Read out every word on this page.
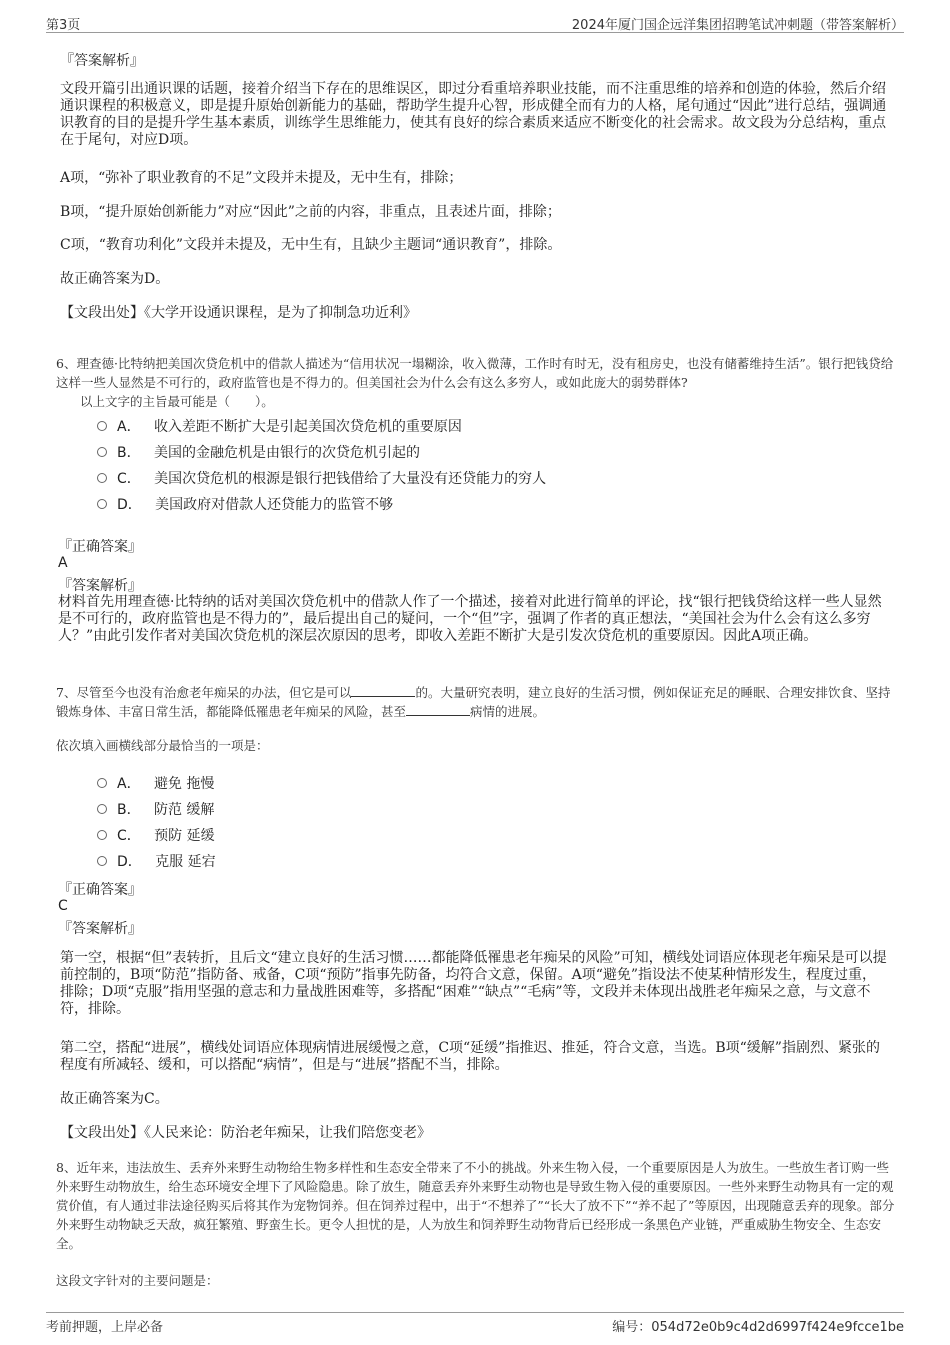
第3页	2024年厦门国企远洋集团招聘笔试冲刺题（带答案解析）
『答案解析』
文段开篇引出通识课的话题，接着介绍当下存在的思维误区，即过分看重培养职业技能，而不注重思维的培养和创造的体验，然后介绍通识课程的积极意义，即是提升原始创新能力的基础，帮助学生提升心智，形成健全而有力的人格，尾句通过“因此”进行总结，强调通识教育的目的是提升学生基本素质，训练学生思维能力，使其有良好的综合素质来适应不断变化的社会需求。故文段为分总结构，重点在于尾句，对应D项。
A项，“弥补了职业教育的不足”文段并未提及，无中生有，排除；
B项，“提升原始创新能力”对应“因此”之前的内容，非重点，且表述片面，排除；
C项，“教育功利化”文段并未提及，无中生有，且缺少主题词“通识教育”，排除。
故正确答案为D。
【文段出处】《大学开设通识课程，是为了抑制急功近利》
6、理查德·比特纳把美国次贷危机中的借款人描述为“信用状况一塌糊涂，收入微薄，工作时有时无，没有租房史，也没有储蓄维持生活”。银行把钱贷给这样一些人显然是不可行的，政府监管也是不得力的。但美国社会为什么会有这么多穷人，或如此庞大的弱势群体?
以上文字的主旨最可能是（　　）。
A． 收入差距不断扩大是引起美国次贷危机的重要原因
B． 美国的金融危机是由银行的次贷危机引起的
C． 美国次贷危机的根源是银行把钱借给了大量没有还贷能力的穷人
D． 美国政府对借款人还贷能力的监管不够
『正确答案』
A
『答案解析』
材料首先用理查德·比特纳的话对美国次贷危机中的借款人作了一个描述，接着对此进行简单的评论，找“银行把钱贷给这样一些人显然是不可行的，政府监管也是不得力的”，最后提出自己的疑问，一个“但”字，强调了作者的真正想法，“美国社会为什么会有这么多穷人？”由此引发作者对美国次贷危机的深层次原因的思考，即收入差距不断扩大是引发次贷危机的重要原因。因此A项正确。
7、尽管至今也没有治愈老年痴呆的办法，但它是可以	的。大量研究表明，建立良好的生活习惯，例如保证充足的睡眠、合理安排饮食、坚持锻炼身体、丰富日常生活，都能降低罹患老年痴呆的风险，甚至	病情的进展。
依次填入画横线部分最恰当的一项是：
A． 避免 拖慢
B． 防范 缓解
C． 预防 延缓
D． 克服 延宕
『正确答案』
C
『答案解析』
第一空，根据“但”表转折，且后文“建立良好的生活习惯……都能降低罹患老年痴呆的风险”可知，横线处词语应体现老年痴呆是可以提前控制的，B项“防范”指防备、戒备，C项“预防”指事先防备，均符合文意，保留。A项“避免”指设法不使某种情形发生，程度过重，排除；D项“克服”指用坚强的意志和力量战胜困难等，多搭配“困难”“缺点”“毛病”等，文段并未体现出战胜老年痴呆之意，与文意不符，排除。
第二空，搭配“进展”，横线处词语应体现病情进展缓慢之意，C项“延缓”指推迟、推延，符合文意，当选。B项“缓解”指剧烈、紧张的程度有所减轻、缓和，可以搭配“病情”，但是与“进展”搭配不当，排除。
故正确答案为C。
【文段出处】《人民来论：防治老年痴呆，让我们陪您变老》
8、近年来，违法放生、丢弃外来野生动物给生物多样性和生态安全带来了不小的挑战。外来生物入侵，一个重要原因是人为放生。一些放生者订购一些外来野生动物放生，给生态环境安全埋下了风险隐患。除了放生，随意丢弃外来野生动物也是导致生物入侵的重要原因。一些外来野生动物具有一定的观赏价值，有人通过非法途径购买后将其作为宠物饲养。但在饲养过程中，出于“不想养了”“长大了放不下”“养不起了”等原因，出现随意丢弃的现象。部分外来野生动物缺乏天敌，疯狂繁殖、野蛮生长。更令人担忧的是，人为放生和饲养野生动物背后已经形成一条黑色产业链，严重威胁生物安全、生态安全。
这段文字针对的主要问题是：
考前押题，上岸必备	编号：054d72e0b9c4d2d6997f424e9fcce1be
